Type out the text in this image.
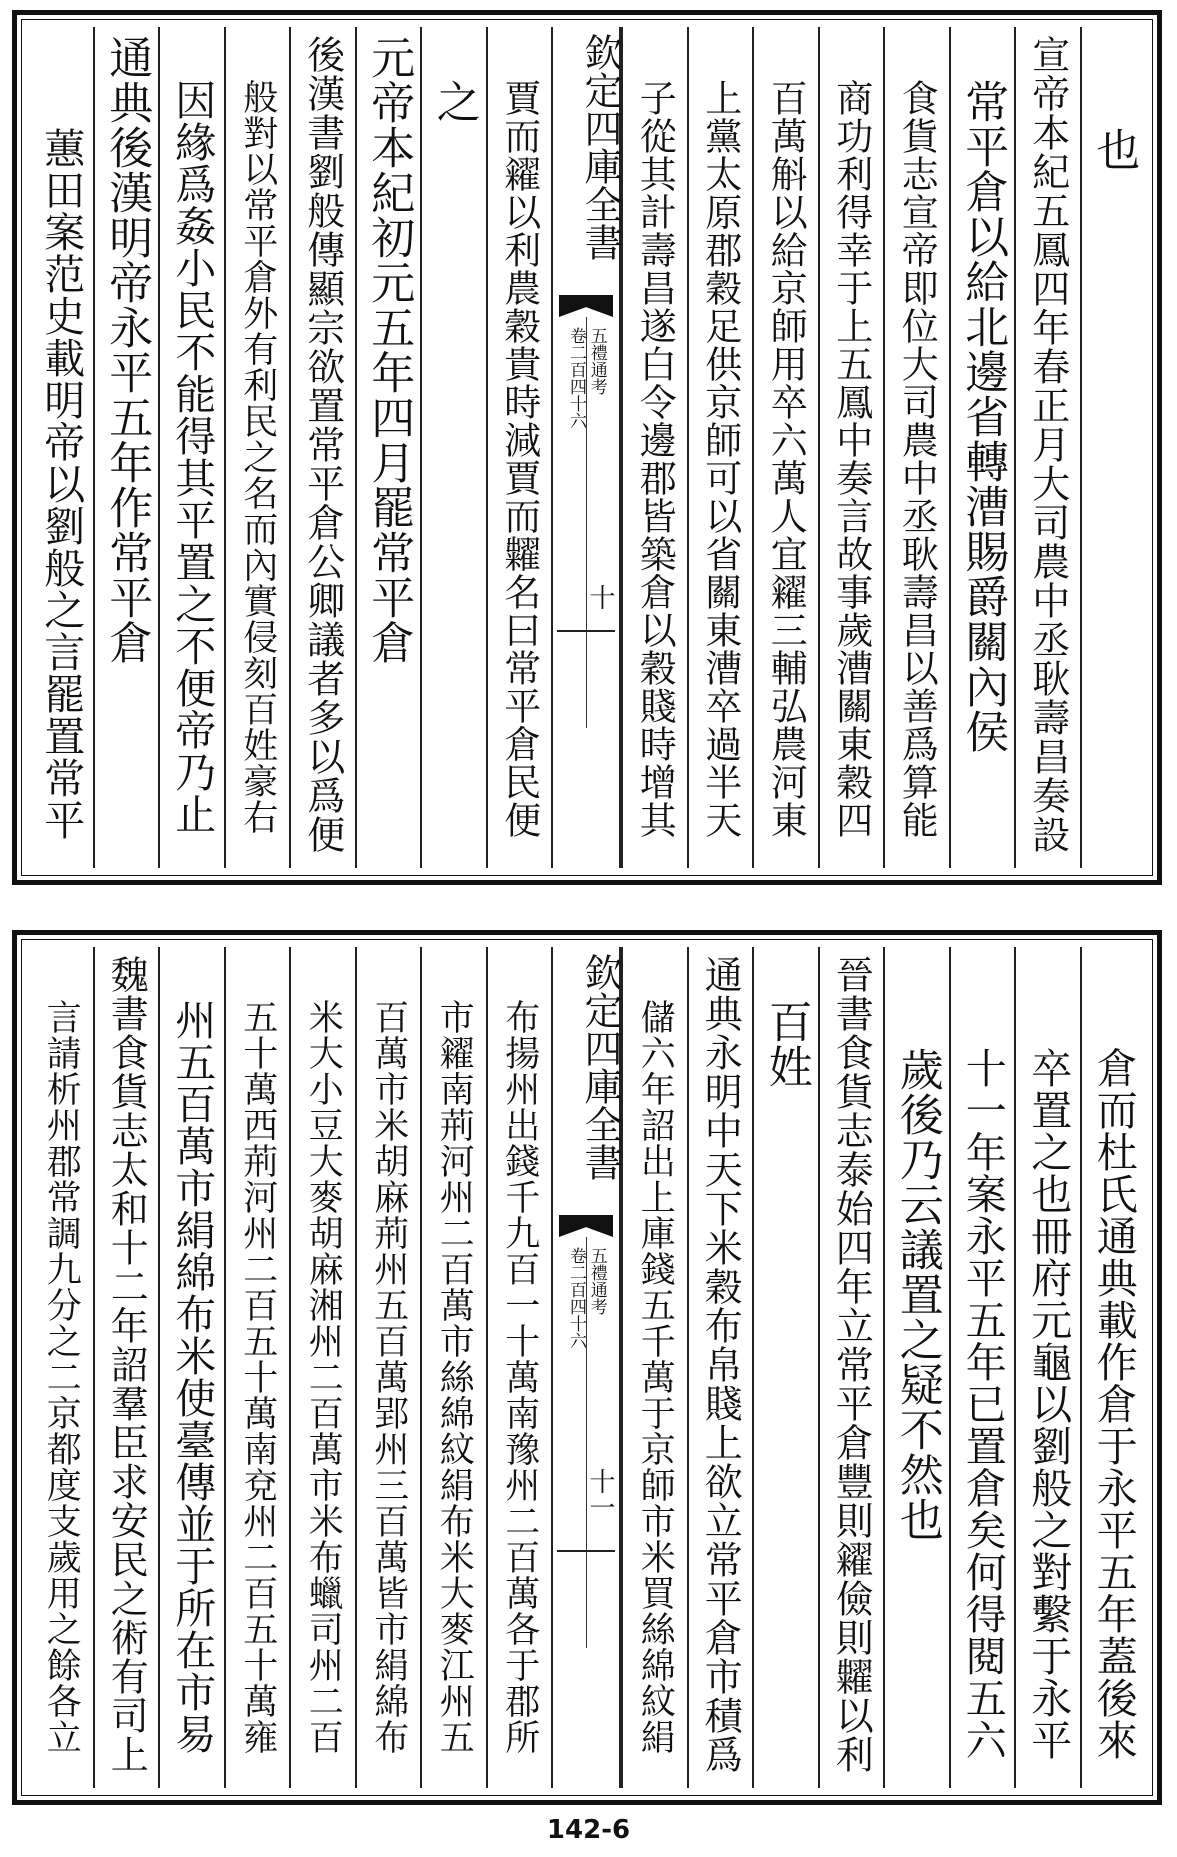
也
宣帝本紀五鳳四年春正月大司農中丞耿壽昌奏設
常平倉以給北邊省轉漕賜爵關內侯
食貨志宣帝即位大司農中丞耿壽昌以善爲算能
商功利得幸于上五鳳中奏言故事歲漕關東穀四
百萬斛以給京師用卒六萬人宜糴三輔弘農河東
上黨太原郡穀足供京師可以省關東漕卒過半天
子從其計壽昌遂白令邊郡皆築倉以穀賤時增其
欽定四庫全書
五禮通考
卷二百四十六
十
賈而糴以利農穀貴時減賈而糶名曰常平倉民便
之
元帝本紀初元五年四月罷常平倉
後漢書劉般傳顯宗欲置常平倉公卿議者多以爲便
般對以常平倉外有利民之名而內實侵刻百姓豪右
因緣爲姦小民不能得其平置之不便帝乃止
通典後漢明帝永平五年作常平倉
蕙田案范史載明帝以劉般之言罷置常平
倉而杜氏通典載作倉于永平五年蓋後來
卒置之也冊府元龜以劉般之對繫于永平
十一年案永平五年已置倉矣何得閱五六
歲後乃云議置之疑不然也
晉書食貨志泰始四年立常平倉豐則糴儉則糶以利
百姓
通典永明中天下米穀布帛賤上欲立常平倉市積爲
儲六年詔出上庫錢五千萬于京師市米買絲綿紋絹
欽定四庫全書
五禮通考
卷二百四十六
十一
布揚州出錢千九百一十萬南豫州二百萬各于郡所
市糴南荊河州二百萬市絲綿紋絹布米大麥江州五
百萬市米胡麻荊州五百萬郢州三百萬皆市絹綿布
米大小豆大麥胡麻湘州二百萬市米布蠟司州二百
五十萬西荊河州二百五十萬南兗州二百五十萬雍
州五百萬市絹綿布米使臺傳並于所在市易
魏書食貨志太和十二年詔羣臣求安民之術有司上
言請析州郡常調九分之二京都度支歲用之餘各立
142-6
